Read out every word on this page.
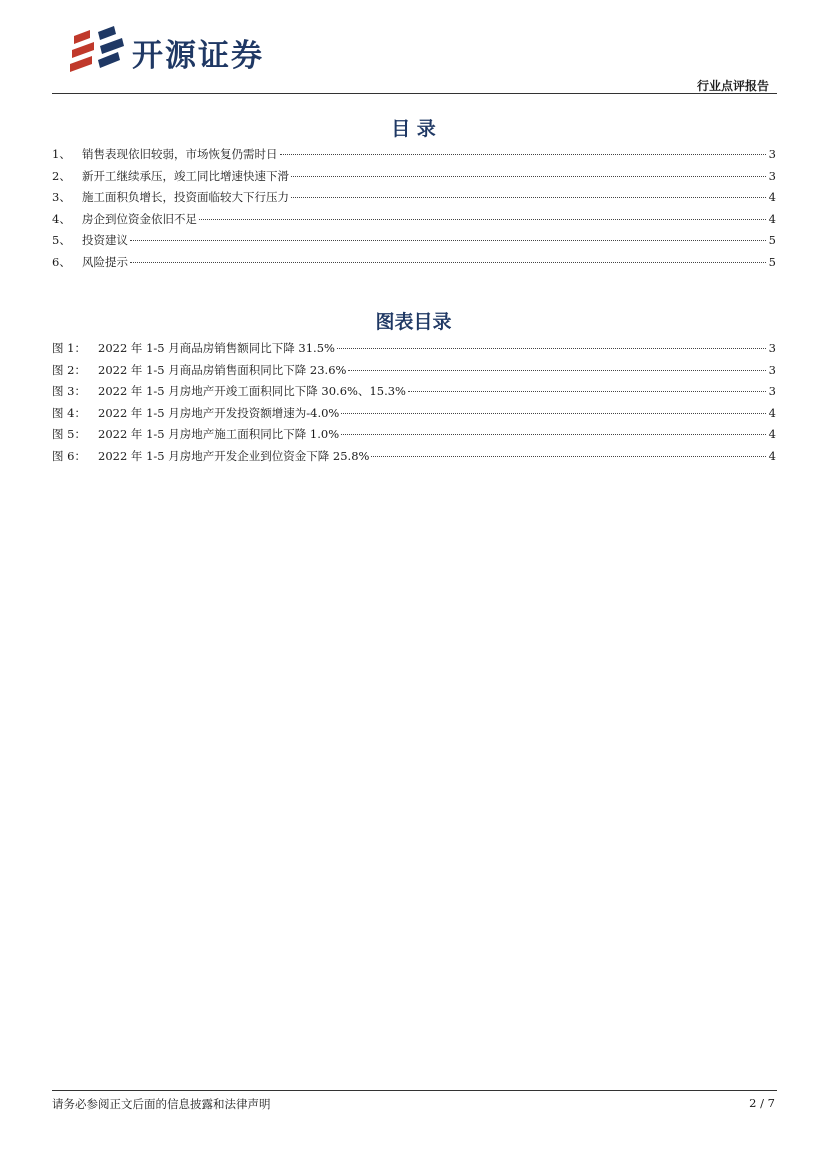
开源证券
行业点评报告
目 录
1、 销售表现依旧较弱，市场恢复仍需时日	3
2、 新开工继续承压，竣工同比增速快速下滑	3
3、 施工面积负增长，投资面临较大下行压力	4
4、 房企到位资金依旧不足	4
5、 投资建议	5
6、 风险提示	5
图表目录
图 1：	2022 年 1-5 月商品房销售额同比下降 31.5%	3
图 2：	2022 年 1-5 月商品房销售面积同比下降 23.6%	3
图 3：	2022 年 1-5 月房地产开竣工面积同比下降 30.6%、15.3%	3
图 4：	2022 年 1-5 月房地产开发投资额增速为-4.0%	4
图 5：	2022 年 1-5 月房地产施工面积同比下降 1.0%	4
图 6：	2022 年 1-5 月房地产开发企业到位资金下降 25.8%	4
请务必参阅正文后面的信息披露和法律声明	2 / 7
